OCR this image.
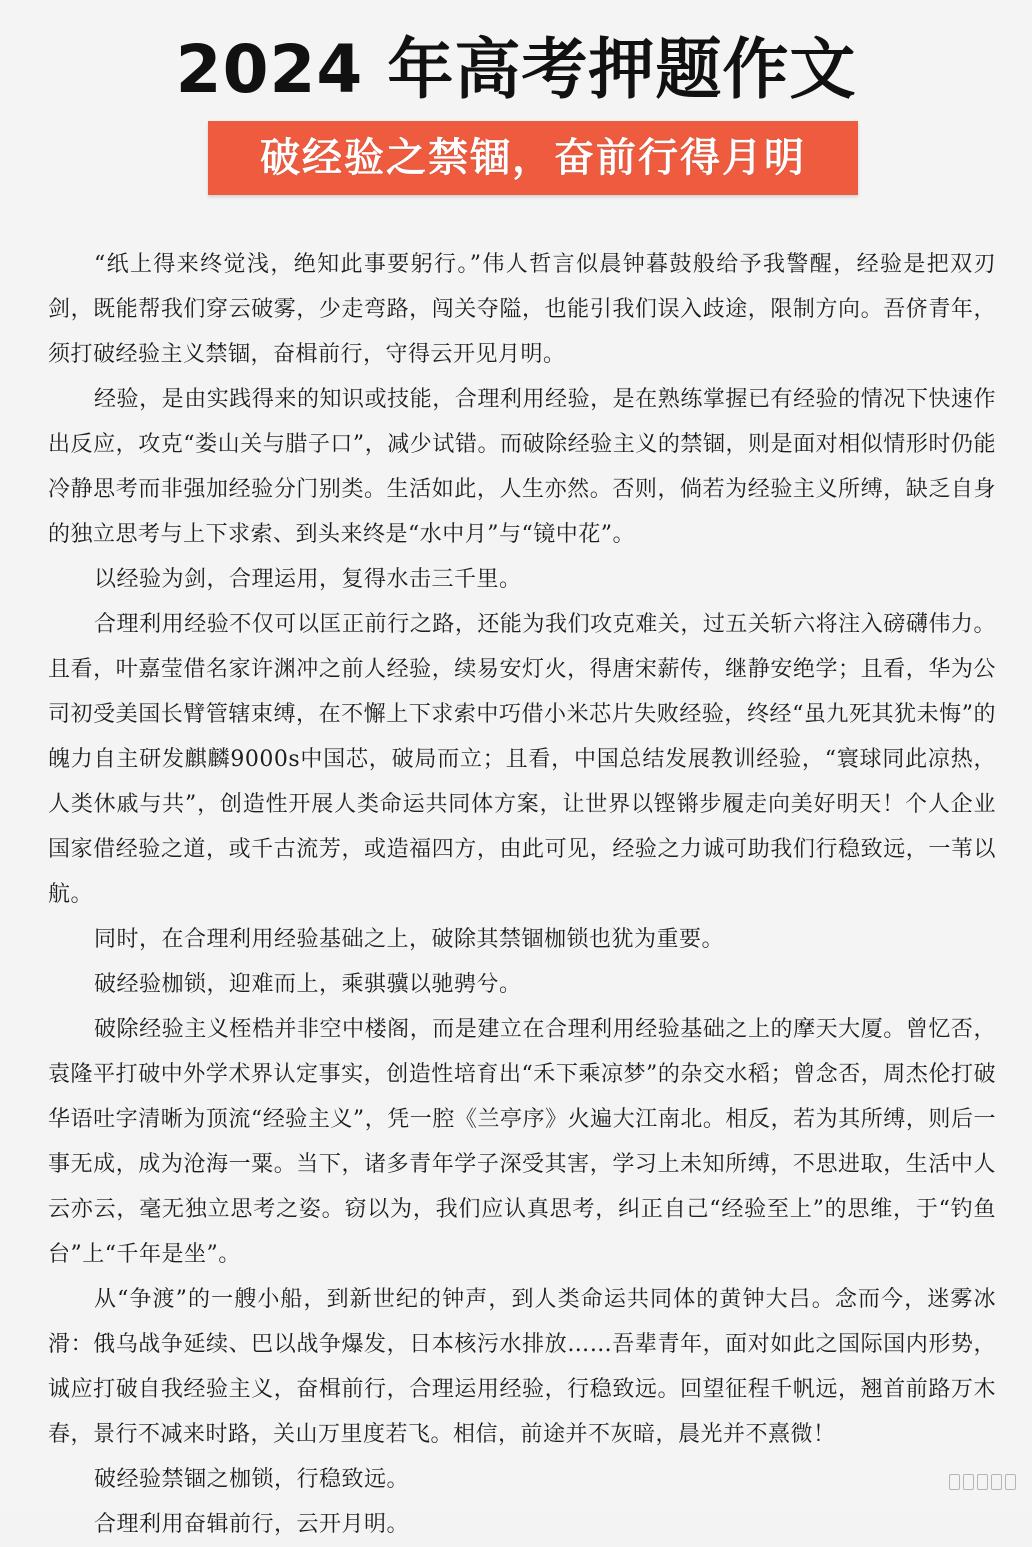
2024 年高考押题作文
破经验之禁锢，奋前行得月明

“纸上得来终觉浅，绝知此事要躬行。”伟人哲言似晨钟暮鼓般给予我警醒，经验是把双刃剑，既能帮我们穿云破雾，少走弯路，闯关夺隘，也能引我们误入歧途，限制方向。吾侪青年，须打破经验主义禁锢，奋楫前行，守得云开见月明。

经验，是由实践得来的知识或技能，合理利用经验，是在熟练掌握已有经验的情况下快速作出反应，攻克“娄山关与腊子口”，减少试错。而破除经验主义的禁锢，则是面对相似情形时仍能冷静思考而非强加经验分门别类。生活如此，人生亦然。否则，倘若为经验主义所缚，缺乏自身的独立思考与上下求索、到头来终是“水中月”与“镜中花”。

以经验为剑，合理运用，复得水击三千里。

合理利用经验不仅可以匡正前行之路，还能为我们攻克难关，过五关斩六将注入磅礴伟力。且看，叶嘉莹借名家许渊冲之前人经验，续易安灯火，得唐宋薪传，继静安绝学；且看，华为公司初受美国长臂管辖束缚，在不懈上下求索中巧借小米芯片失败经验，终经“虽九死其犹未悔”的魄力自主研发麒麟9000s中国芯，破局而立；且看，中国总结发展教训经验，“寰球同此凉热，人类休戚与共”，创造性开展人类命运共同体方案，让世界以铿锵步履走向美好明天！个人企业国家借经验之道，或千古流芳，或造福四方，由此可见，经验之力诚可助我们行稳致远，一苇以航。

同时，在合理利用经验基础之上，破除其禁锢枷锁也犹为重要。

破经验枷锁，迎难而上，乘骐骥以驰骋兮。

破除经验主义桎梏并非空中楼阁，而是建立在合理利用经验基础之上的摩天大厦。曾忆否，袁隆平打破中外学术界认定事实，创造性培育出“禾下乘凉梦”的杂交水稻；曾念否，周杰伦打破华语吐字清晰为顶流“经验主义”，凭一腔《兰亭序》火遍大江南北。相反，若为其所缚，则后一事无成，成为沧海一粟。当下，诸多青年学子深受其害，学习上未知所缚，不思进取，生活中人云亦云，毫无独立思考之姿。窃以为，我们应认真思考，纠正自己“经验至上”的思维，于“钓鱼台”上“千年是坐”。

从“争渡”的一艘小船，到新世纪的钟声，到人类命运共同体的黄钟大吕。念而今，迷雾冰滑：俄乌战争延续、巴以战争爆发，日本核污水排放……吾辈青年，面对如此之国际国内形势，诚应打破自我经验主义，奋楫前行，合理运用经验，行稳致远。回望征程千帆远，翘首前路万木春，景行不减来时路，关山万里度若飞。相信，前途并不灰暗，晨光并不熹微！

破经验禁锢之枷锁，行稳致远。

合理利用奋辑前行，云开月明。
